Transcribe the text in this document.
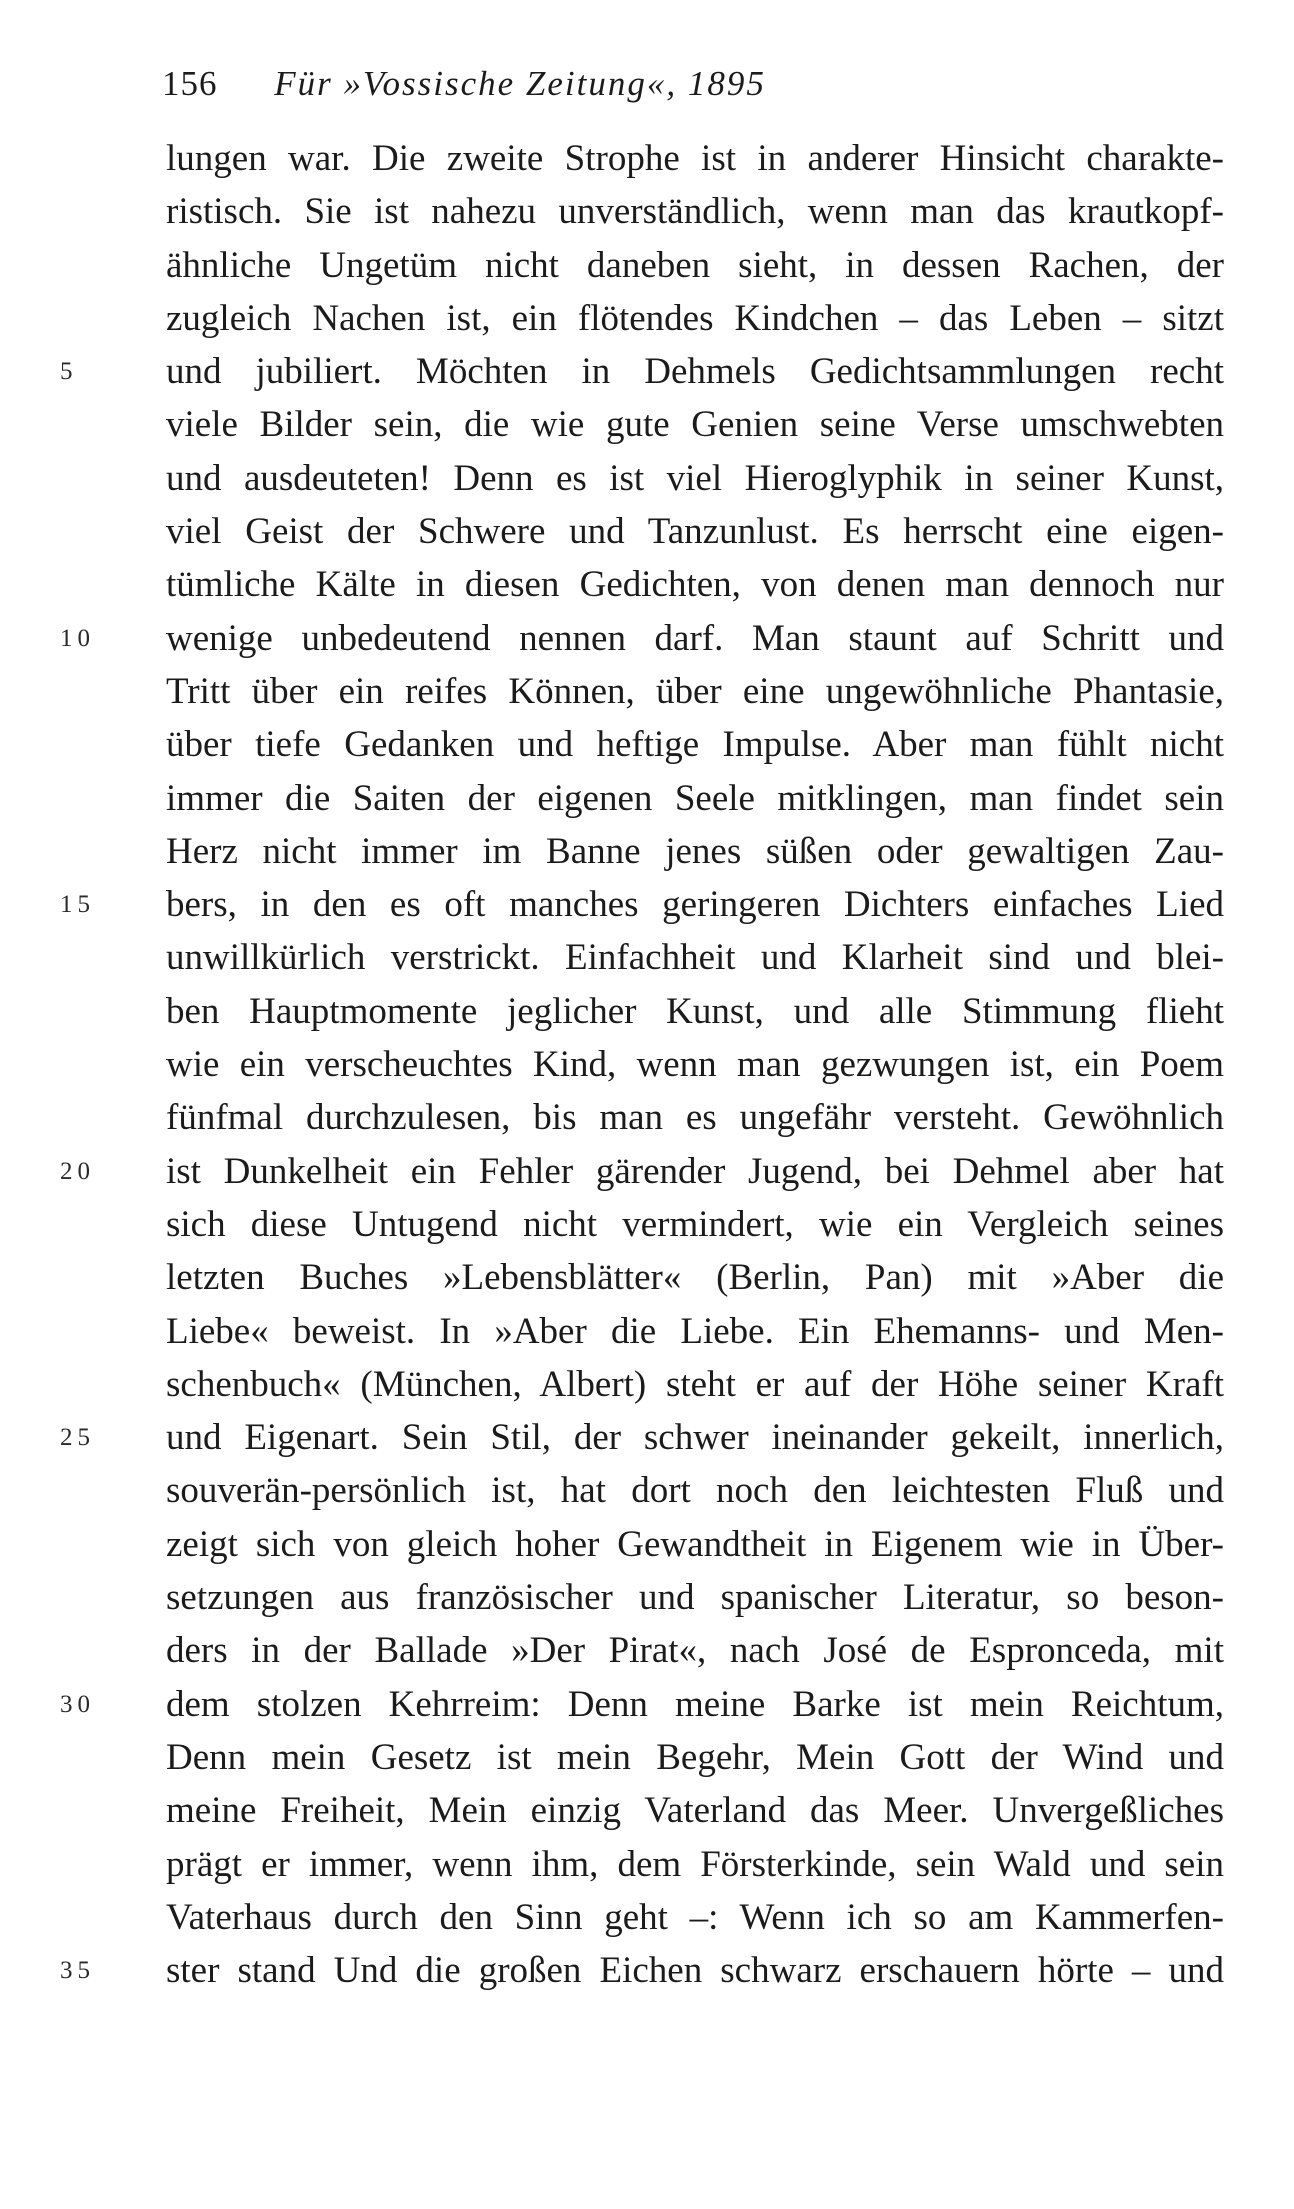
156 Für »Vossische Zeitung«, 1895
lungen war. Die zweite Strophe ist in anderer Hinsicht charakte-
ristisch. Sie ist nahezu unverständlich, wenn man das krautkopf-
ähnliche Ungetüm nicht daneben sieht, in dessen Rachen, der
zugleich Nachen ist, ein flötendes Kindchen – das Leben – sitzt
5	und jubiliert. Möchten in Dehmels Gedichtsammlungen recht
viele Bilder sein, die wie gute Genien seine Verse umschwebten
und ausdeuteten! Denn es ist viel Hieroglyphik in seiner Kunst,
viel Geist der Schwere und Tanzunlust. Es herrscht eine eigen-
tümliche Kälte in diesen Gedichten, von denen man dennoch nur
10	wenige unbedeutend nennen darf. Man staunt auf Schritt und
Tritt über ein reifes Können, über eine ungewöhnliche Phantasie,
über tiefe Gedanken und heftige Impulse. Aber man fühlt nicht
immer die Saiten der eigenen Seele mitklingen, man findet sein
Herz nicht immer im Banne jenes süßen oder gewaltigen Zau-
15	bers, in den es oft manches geringeren Dichters einfaches Lied
unwillkürlich verstrickt. Einfachheit und Klarheit sind und blei-
ben Hauptmomente jeglicher Kunst, und alle Stimmung flieht
wie ein verscheuchtes Kind, wenn man gezwungen ist, ein Poem
fünfmal durchzulesen, bis man es ungefähr versteht. Gewöhnlich
20	ist Dunkelheit ein Fehler gärender Jugend, bei Dehmel aber hat
sich diese Untugend nicht vermindert, wie ein Vergleich seines
letzten Buches »Lebensblätter« (Berlin, Pan) mit »Aber die
Liebe« beweist. In »Aber die Liebe. Ein Ehemanns- und Men-
schenbuch« (München, Albert) steht er auf der Höhe seiner Kraft
25	und Eigenart. Sein Stil, der schwer ineinander gekeilt, innerlich,
souverän-persönlich ist, hat dort noch den leichtesten Fluß und
zeigt sich von gleich hoher Gewandtheit in Eigenem wie in Über-
setzungen aus französischer und spanischer Literatur, so beson-
ders in der Ballade »Der Pirat«, nach José de Espronceda, mit
30	dem stolzen Kehrreim: Denn meine Barke ist mein Reichtum,
Denn mein Gesetz ist mein Begehr, Mein Gott der Wind und
meine Freiheit, Mein einzig Vaterland das Meer. Unvergeßliches
prägt er immer, wenn ihm, dem Försterkinde, sein Wald und sein
Vaterhaus durch den Sinn geht –: Wenn ich so am Kammerfen-
35	ster stand Und die großen Eichen schwarz erschauern hörte – und
